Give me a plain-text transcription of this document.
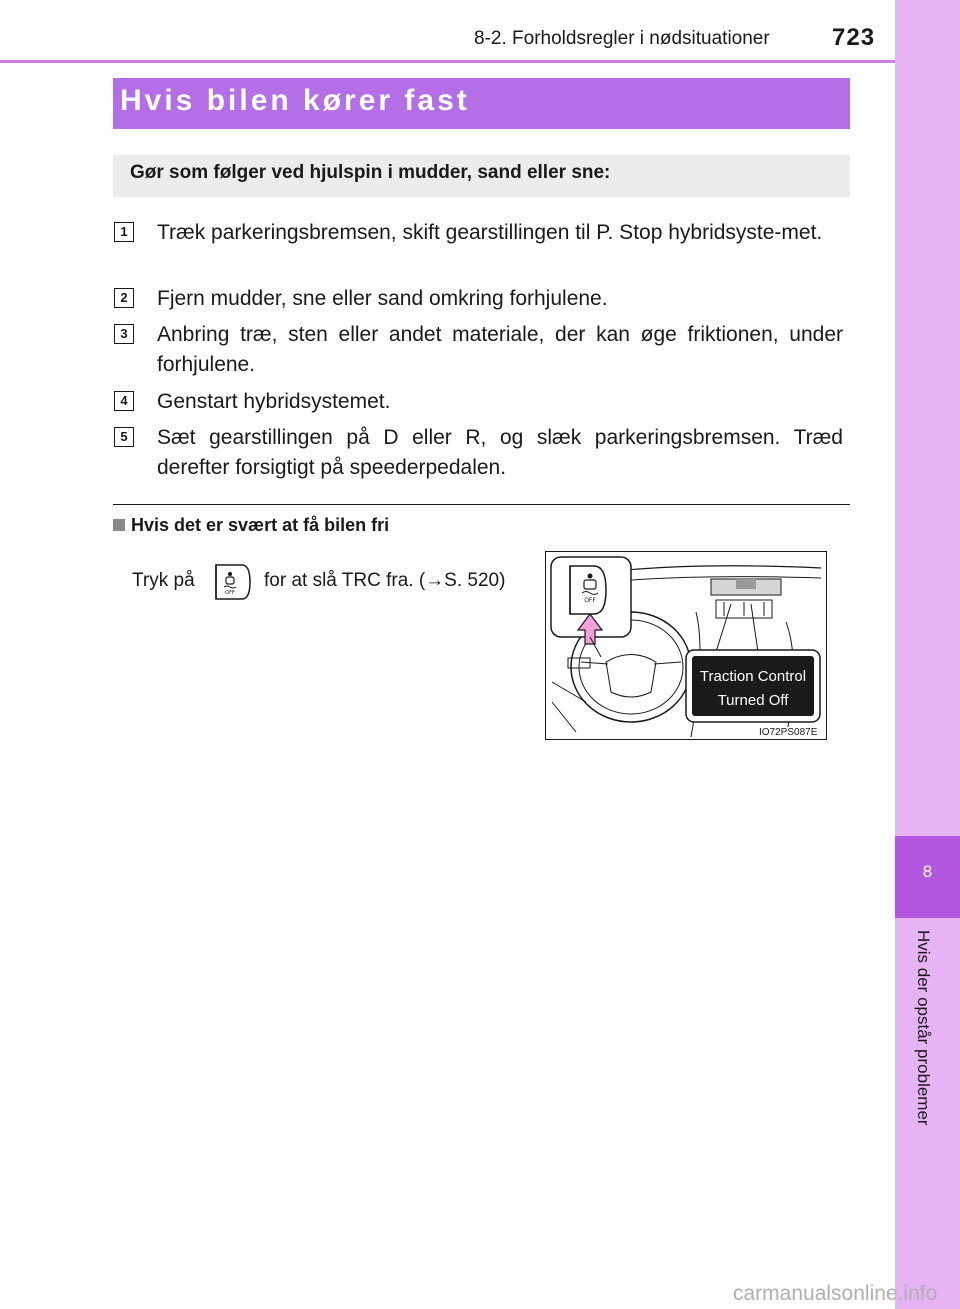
8-2. Forholdsregler i nødsituationer	723
8
Hvis der opstår problemer
Hvis bilen kører fast
Gør som følger ved hjulspin i mudder, sand eller sne:
1	Træk parkeringsbremsen, skift gearstillingen til P. Stop hybridsyste-met.
2	Fjern mudder, sne eller sand omkring forhjulene.
3	Anbring træ, sten eller andet materiale, der kan øge friktionen, under forhjulene.
4	Genstart hybridsystemet.
5	Sæt gearstillingen på D eller R, og slæk parkeringsbremsen. Træd derefter forsigtigt på speederpedalen.
Hvis det er svært at få bilen fri
Tryk på
OFF
for at slå TRC fra. (→S. 520)
Traction Control
Turned Off
OFF
IO72PS087E
carmanualsonline.info
